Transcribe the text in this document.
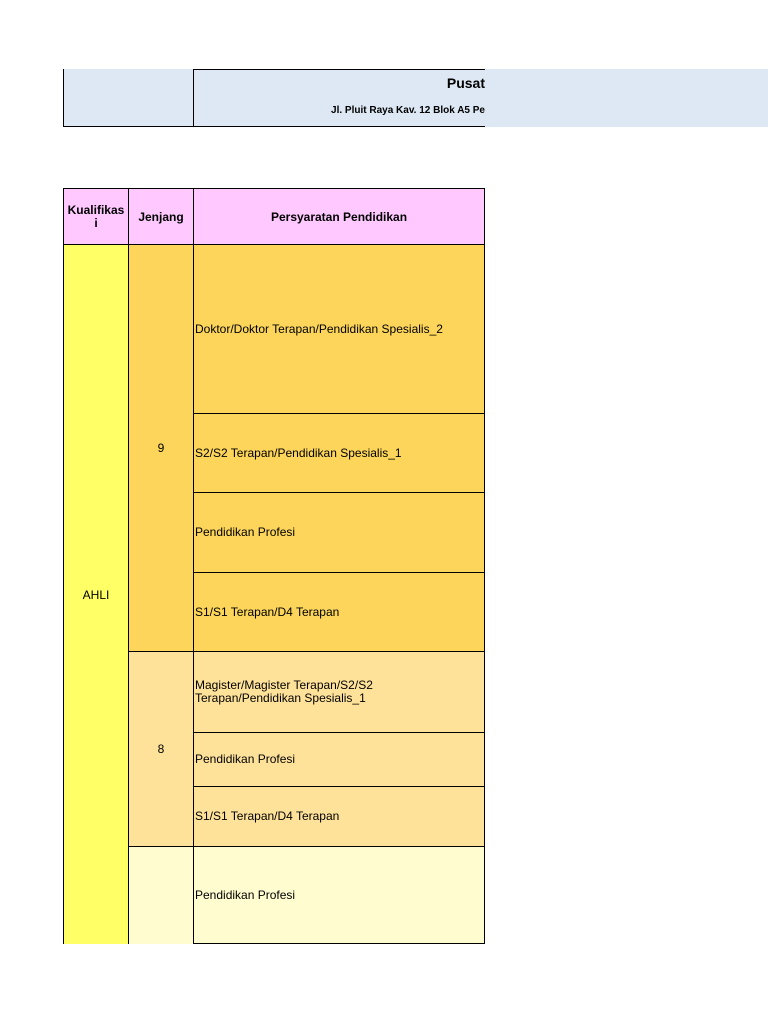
Pusat
Jl. Pluit Raya Kav. 12 Blok A5 Pe
Kualifikas
i	Jenjang	Persyaratan Pendidikan
AHLI
9
Doktor/Doktor Terapan/Pendidikan Spesialis_2
S2/S2 Terapan/Pendidikan Spesialis_1
Pendidikan Profesi
S1/S1 Terapan/D4 Terapan
8
Magister/Magister Terapan/S2/S2
Terapan/Pendidikan Spesialis_1
Pendidikan Profesi
S1/S1 Terapan/D4 Terapan
Pendidikan Profesi
